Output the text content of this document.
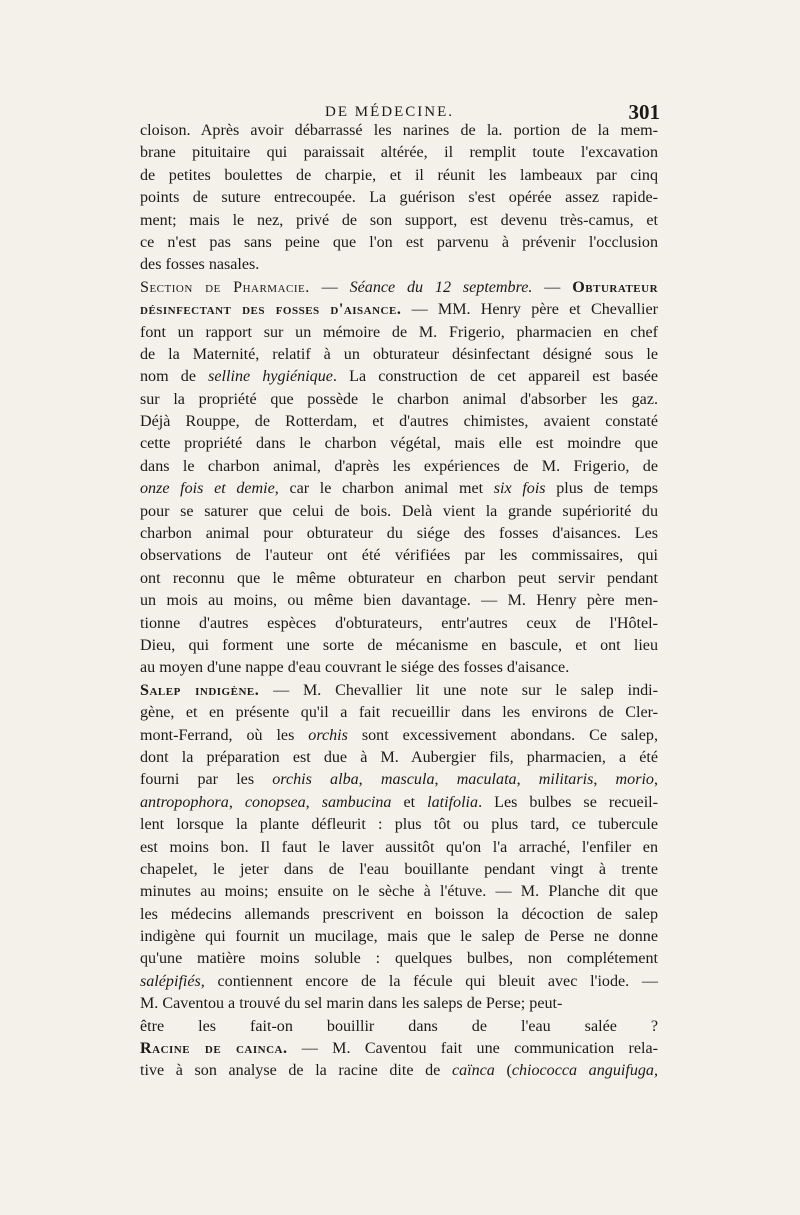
DE MÉDECINE.	301
cloison. Après avoir débarrassé les narines de la. portion de la mem-
brane pituitaire qui paraissait altérée, il remplit toute l'excavation
de petites boulettes de charpie, et il réunit les lambeaux par cinq
points de suture entrecoupée. La guérison s'est opérée assez rapide-
ment; mais le nez, privé de son support, est devenu très-camus, et
ce n'est pas sans peine que l'on est parvenu à prévenir l'occlusion
des fosses nasales.
Section de Pharmacie. — Séance du 12 septembre. — Obturateur
désinfectant des fosses d'aisance. — MM. Henry père et Chevallier
font un rapport sur un mémoire de M. Frigerio, pharmacien en chef
de la Maternité, relatif à un obturateur désinfectant désigné sous le
nom de selline hygiénique. La construction de cet appareil est basée
sur la propriété que possède le charbon animal d'absorber les gaz.
Déjà Rouppe, de Rotterdam, et d'autres chimistes, avaient constaté
cette propriété dans le charbon végétal, mais elle est moindre que
dans le charbon animal, d'après les expériences de M. Frigerio, de
onze fois et demie, car le charbon animal met six fois plus de temps
pour se saturer que celui de bois. Delà vient la grande supériorité du
charbon animal pour obturateur du siége des fosses d'aisances. Les
observations de l'auteur ont été vérifiées par les commissaires, qui
ont reconnu que le même obturateur en charbon peut servir pendant
un mois au moins, ou même bien davantage. — M. Henry père men-
tionne d'autres espèces d'obturateurs, entr'autres ceux de l'Hôtel-
Dieu, qui forment une sorte de mécanisme en bascule, et ont lieu
au moyen d'une nappe d'eau couvrant le siége des fosses d'aisance.
Salep indigène. — M. Chevallier lit une note sur le salep indi-
gène, et en présente qu'il a fait recueillir dans les environs de Cler-
mont-Ferrand, où les orchis sont excessivement abondans. Ce salep,
dont la préparation est due à M. Aubergier fils, pharmacien, a été
fourni par les orchis alba, mascula, maculata, militaris, morio,
antropophora, conopsea, sambucina et latifolia. Les bulbes se recueil-
lent lorsque la plante défleurit : plus tôt ou plus tard, ce tubercule
est moins bon. Il faut le laver aussitôt qu'on l'a arraché, l'enfiler en
chapelet, le jeter dans de l'eau bouillante pendant vingt à trente
minutes au moins; ensuite on le sèche à l'étuve. — M. Planche dit que
les médecins allemands prescrivent en boisson la décoction de salep
indigène qui fournit un mucilage, mais que le salep de Perse ne donne
qu'une matière moins soluble : quelques bulbes, non complétement
salépifiés, contiennent encore de la fécule qui bleuit avec l'iode. —
M. Caventou a trouvé du sel marin dans les saleps de Perse; peut-
être les fait-on bouillir dans de l'eau salée ?
Racine de cainca. — M. Caventou fait une communication rela-
tive à son analyse de la racine dite de caïnca (chiococca anguifuga,
